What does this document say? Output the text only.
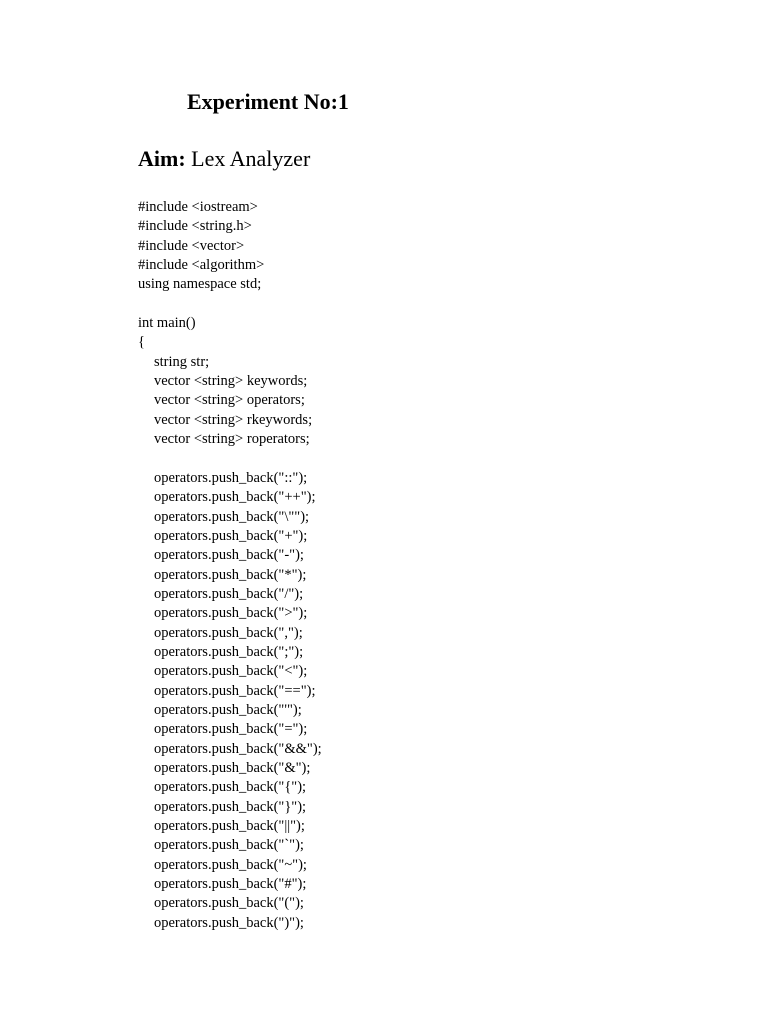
Experiment No:1
Aim: Lex Analyzer
#include <iostream>
#include <string.h>
#include <vector>
#include <algorithm>
using namespace std;
int main()
{
string str;
vector <string> keywords;
vector <string> operators;
vector <string> rkeywords;
vector <string> roperators;
operators.push_back("::");
operators.push_back("++");
operators.push_back("\"");
operators.push_back("+");
operators.push_back("-");
operators.push_back("*");
operators.push_back("/");
operators.push_back(">");
operators.push_back(",");
operators.push_back(";");
operators.push_back("<");
operators.push_back("==");
operators.push_back("'");
operators.push_back("=");
operators.push_back("&&");
operators.push_back("&");
operators.push_back("{");
operators.push_back("}");
operators.push_back("||");
operators.push_back("`");
operators.push_back("~");
operators.push_back("#");
operators.push_back("(");
operators.push_back(")");
